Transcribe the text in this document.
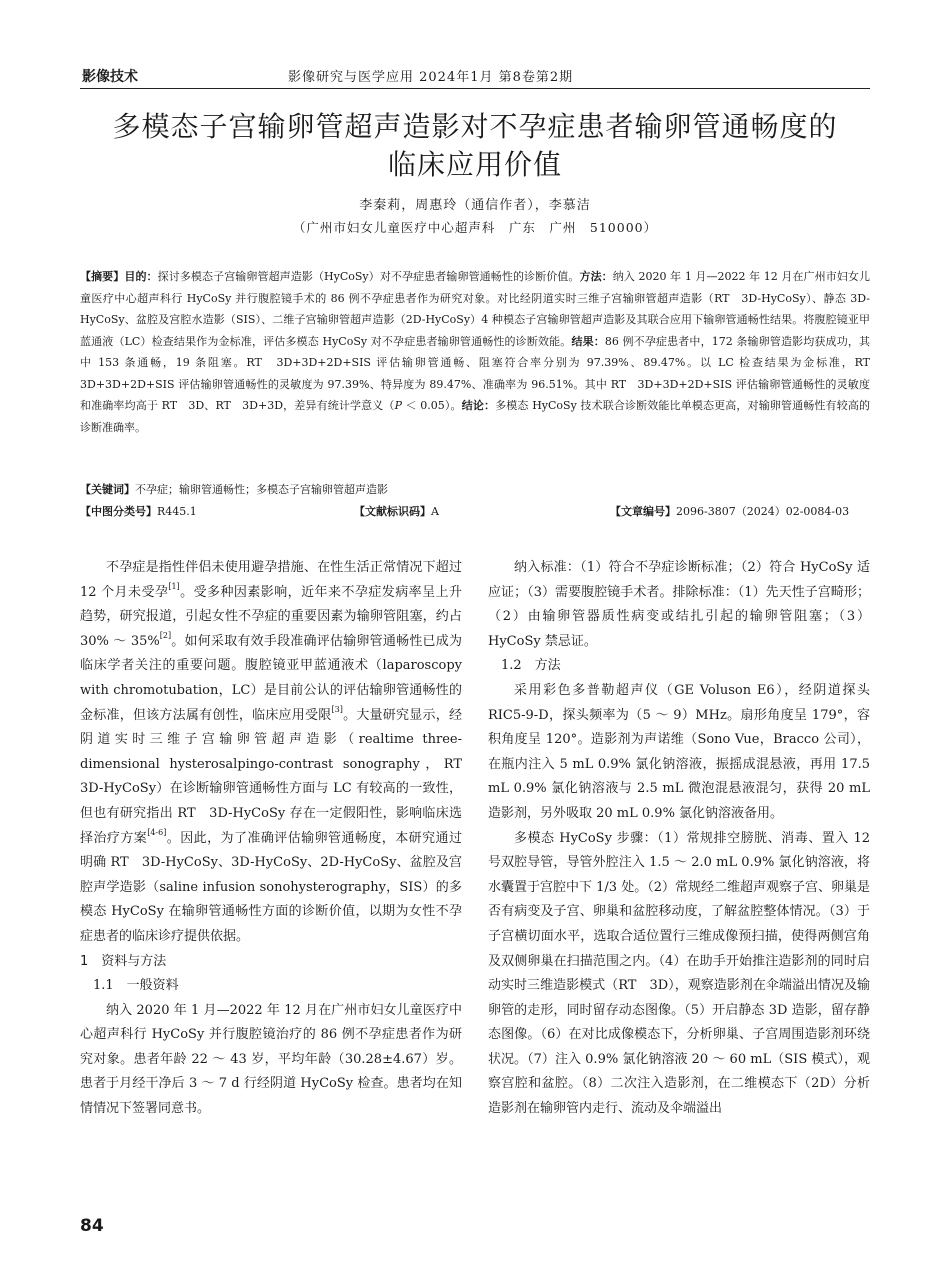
影像技术	影像研究与医学应用 2024年1月 第8卷第2期
多模态子宫输卵管超声造影对不孕症患者输卵管通畅度的
临床应用价值
李秦莉，周惠玲（通信作者），李慕洁
（广州市妇女儿童医疗中心超声科　广东　广州　510000）
【摘要】目的：探讨多模态子宫输卵管超声造影（HyCoSy）对不孕症患者输卵管通畅性的诊断价值。方法：纳入 2020 年 1 月—2022 年 12 月在广州市妇女儿童医疗中心超声科行 HyCoSy 并行腹腔镜手术的 86 例不孕症患者作为研究对象。对比经阴道实时三维子宫输卵管超声造影（RT　3D-HyCoSy）、静态 3D-HyCoSy、盆腔及宫腔水造影（SIS）、二维子宫输卵管超声造影（2D-HyCoSy）4 种模态子宫输卵管超声造影及其联合应用下输卵管通畅性结果。将腹腔镜亚甲蓝通液（LC）检查结果作为金标准，评估多模态 HyCoSy 对不孕症患者输卵管通畅性的诊断效能。结果：86 例不孕症患者中，172 条输卵管造影均获成功，其中 153 条通畅，19 条阻塞。RT　3D+3D+2D+SIS 评估输卵管通畅、阻塞符合率分别为 97.39%、89.47%。以 LC 检查结果为金标准，RT　3D+3D+2D+SIS 评估输卵管通畅性的灵敏度为 97.39%、特异度为 89.47%、准确率为 96.51%。其中 RT　3D+3D+2D+SIS 评估输卵管通畅性的灵敏度和准确率均高于 RT　3D、RT　3D+3D，差异有统计学意义（P ＜ 0.05）。结论：多模态 HyCoSy 技术联合诊断效能比单模态更高，对输卵管通畅性有较高的诊断准确率。
【关键词】不孕症；输卵管通畅性；多模态子宫输卵管超声造影
【中图分类号】R445.1	【文献标识码】A	【文章编号】2096-3807（2024）02-0084-03

不孕症是指性伴侣未使用避孕措施、在性生活正常情况下超过 12 个月未受孕[1]。受多种因素影响，近年来不孕症发病率呈上升趋势，研究报道，引起女性不孕症的重要因素为输卵管阻塞，约占 30% ～ 35%[2]。如何采取有效手段准确评估输卵管通畅性已成为临床学者关注的重要问题。腹腔镜亚甲蓝通液术（laparoscopy with chromotubation，LC）是目前公认的评估输卵管通畅性的金标准，但该方法属有创性，临床应用受限[3]。大量研究显示，经阴道实时三维子宫输卵管超声造影（realtime three-dimensional hysterosalpingo-contrast sonography，RT　3D-HyCoSy）在诊断输卵管通畅性方面与 LC 有较高的一致性，但也有研究指出 RT　3D-HyCoSy 存在一定假阳性，影响临床选择治疗方案[4-6]。因此，为了准确评估输卵管通畅度，本研究通过明确 RT　3D-HyCoSy、3D-HyCoSy、2D-HyCoSy、盆腔及宫腔声学造影（saline infusion sonohysterography，SIS）的多模态 HyCoSy 在输卵管通畅性方面的诊断价值，以期为女性不孕症患者的临床诊疗提供依据。

1　资料与方法

1.1　一般资料

纳入 2020 年 1 月—2022 年 12 月在广州市妇女儿童医疗中心超声科行 HyCoSy 并行腹腔镜治疗的 86 例不孕症患者作为研究对象。患者年龄 22 ～ 43 岁，平均年龄（30.28±4.67）岁。患者于月经干净后 3 ～ 7 d 行经阴道 HyCoSy 检查。患者均在知情情况下签署同意书。

纳入标准：（1）符合不孕症诊断标准；（2）符合 HyCoSy 适应证；（3）需要腹腔镜手术者。排除标准：（1）先天性子宫畸形；（2）由输卵管器质性病变或结扎引起的输卵管阻塞；（3）HyCoSy 禁忌证。

1.2　方法

采用彩色多普勒超声仪（GE Voluson E6），经阴道探头 RIC5-9-D，探头频率为（5 ～ 9）MHz。扇形角度呈 179°，容积角度呈 120°。造影剂为声诺维（Sono Vue，Bracco 公司），在瓶内注入 5 mL 0.9% 氯化钠溶液，振摇成混悬液，再用 17.5 mL 0.9% 氯化钠溶液与 2.5 mL 微泡混悬液混匀，获得 20 mL 造影剂，另外吸取 20 mL 0.9% 氯化钠溶液备用。

多模态 HyCoSy 步骤：（1）常规排空膀胱、消毒、置入 12 号双腔导管，导管外腔注入 1.5 ～ 2.0 mL 0.9% 氯化钠溶液，将水囊置于宫腔中下 1/3 处。（2）常规经二维超声观察子宫、卵巢是否有病变及子宫、卵巢和盆腔移动度，了解盆腔整体情况。（3）于子宫横切面水平，选取合适位置行三维成像预扫描，使得两侧宫角及双侧卵巢在扫描范围之内。（4）在助手开始推注造影剂的同时启动实时三维造影模式（RT　3D），观察造影剂在伞端溢出情况及输卵管的走形，同时留存动态图像。（5）开启静态 3D 造影，留存静态图像。（6）在对比成像模态下，分析卵巢、子宫周围造影剂环绕状况。（7）注入 0.9% 氯化钠溶液 20 ～ 60 mL（SIS 模式），观察宫腔和盆腔。（8）二次注入造影剂，在二维模态下（2D）分析造影剂在输卵管内走行、流动及伞端溢出

84
